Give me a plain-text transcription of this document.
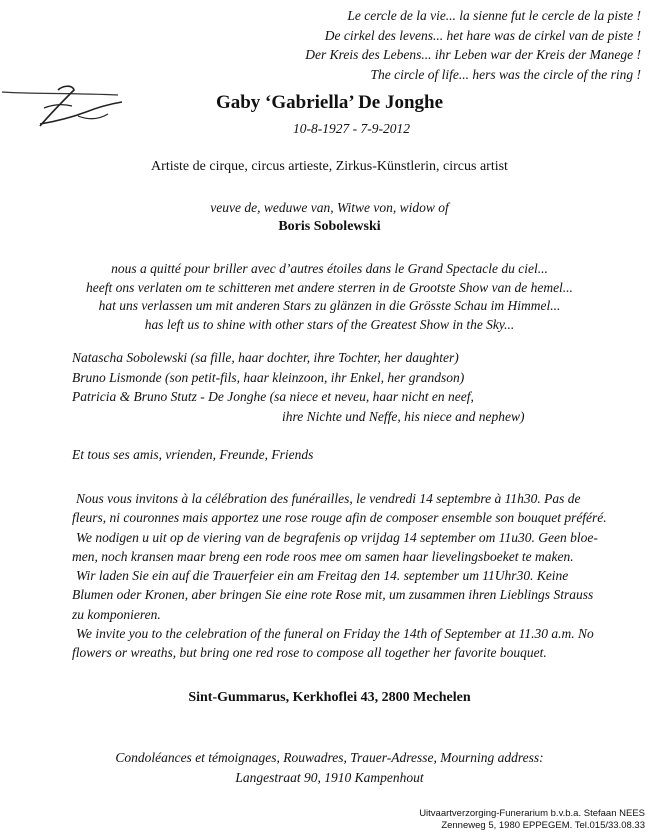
Le cercle de la vie... la sienne fut le cercle de la piste !
De cirkel des levens... het hare was de cirkel van de piste !
Der Kreis des Lebens... ihr Leben war der Kreis der Manege !
The circle of life... hers was the circle of the ring !
Gaby ‘Gabriella’ De Jonghe
10-8-1927 - 7-9-2012
Artiste de cirque, circus artieste, Zirkus-Künstlerin, circus artist
veuve de, weduwe van, Witwe von, widow of
Boris Sobolewski
nous a quitté pour briller avec d’autres étoiles dans le Grand Spectacle du ciel...
heeft ons verlaten om te schitteren met andere sterren in de Grootste Show van de hemel...
hat uns verlassen um mit anderen Stars zu glänzen in die Grösste Schau im Himmel...
has left us to shine with other stars of the Greatest Show in the Sky...
Natascha Sobolewski (sa fille, haar dochter, ihre Tochter, her daughter)
Bruno Lismonde (son petit-fils, haar kleinzoon, ihr Enkel, her grandson)
Patricia & Bruno Stutz - De Jonghe (sa niece et neveu, haar nicht en neef,
ihre Nichte und Neffe, his niece and nephew)
Et tous ses amis, vrienden, Freunde, Friends
Nous vous invitons à la célébration des funérailles, le vendredi 14 septembre à 11h30. Pas de
fleurs, ni couronnes mais apportez une rose rouge afin de composer ensemble son bouquet préféré.
We nodigen u uit op de viering van de begrafenis op vrijdag 14 september om 11u30. Geen bloe-
men, noch kransen maar breng een rode roos mee om samen haar lievelingsboeket te maken.
Wir laden Sie ein auf die Trauerfeier ein am Freitag den 14. september um 11Uhr30. Keine
Blumen oder Kronen, aber bringen Sie eine rote Rose mit, um zusammen ihren Lieblings Strauss
zu komponieren.
We invite you to the celebration of the funeral on Friday the 14th of September at 11.30 a.m. No
flowers or wreaths, but bring one red rose to compose all together her favorite bouquet.
Sint-Gummarus, Kerkhoflei 43, 2800 Mechelen
Condoléances et témoignages, Rouwadres, Trauer-Adresse, Mourning address:
Langestraat 90, 1910 Kampenhout
Uitvaartverzorging-Funerarium b.v.b.a. Stefaan NEES
Zenneweg 5, 1980 EPPEGEM. Tel.015/33.08.33
